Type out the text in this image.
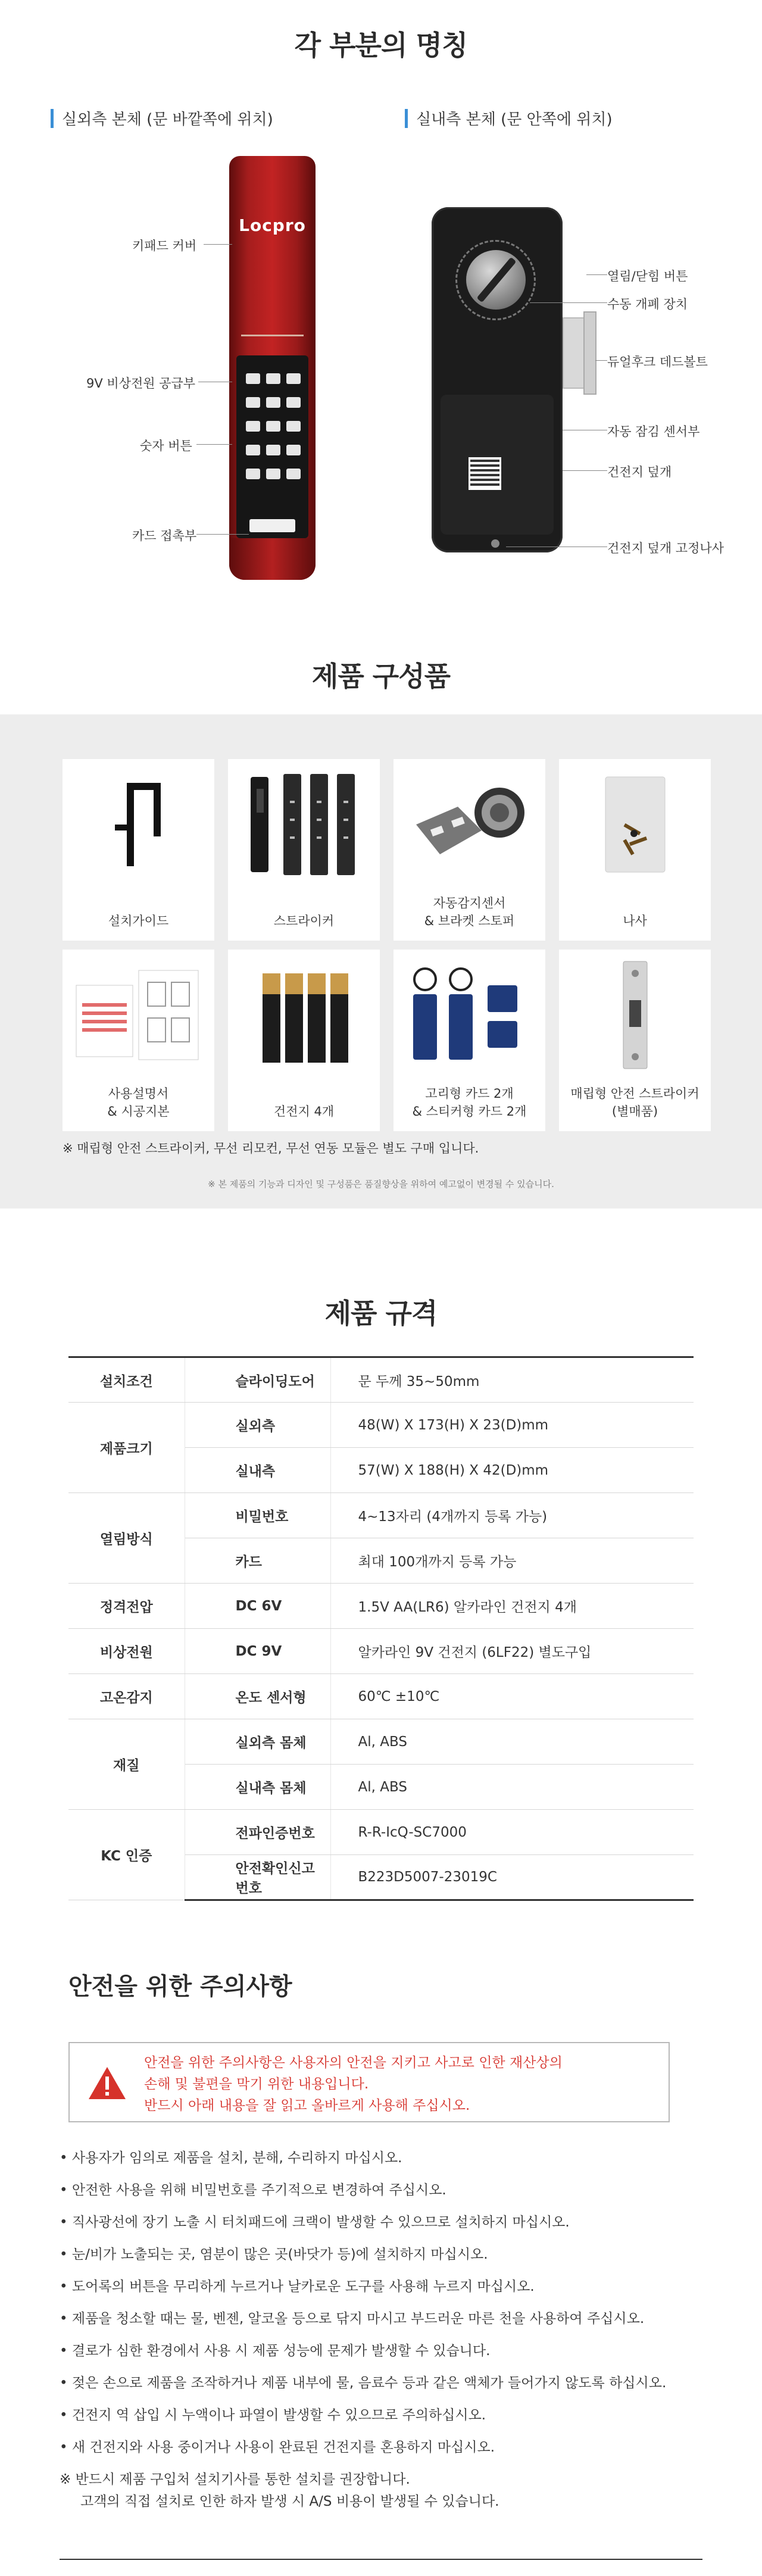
각 부분의 명칭
실외측 본체 (문 바깥쪽에 위치)	실내측 본체 (문 안쪽에 위치)
Locpro
키패드 커버
9V 비상전원 공급부
숫자 버튼
카드 접촉부
열림/닫힘 버튼
수동 개폐 장치
듀얼후크 데드볼트
자동 잠김 센서부
건전지 덮개
건전지 덮개 고정나사
제품 구성품
설치가이드	스트라이커
자동감지센서
& 브라켓 스토퍼	나사
사용설명서
& 시공지본	건전지 4개
고리형 카드 2개
& 스티커형 카드 2개
매립형 안전 스트라이커
(별매품)
※ 매립형 안전 스트라이커, 무선 리모컨, 무선 연동 모듈은 별도 구매 입니다.
※ 본 제품의 기능과 디자인 및 구성품은 품질향상을 위하여 예고없이 변경될 수 있습니다.
제품 규격
설치조건	슬라이딩도어	문 두께 35~50mm
제품크기	실외측	48(W) X 173(H) X 23(D)mm
	실내측	57(W) X 188(H) X 42(D)mm
열림방식	비밀번호	4~13자리 (4개까지 등록 가능)
	카드	최대 100개까지 등록 가능
정격전압	DC 6V	1.5V AA(LR6) 알카라인 건전지 4개
비상전원	DC 9V	알카라인 9V 건전지 (6LF22) 별도구입
고온감지	온도 센서형	60℃ ±10℃
재질	실외측 몸체	Al, ABS
	실내측 몸체	Al, ABS
KC 인증	전파인증번호	R-R-IcQ-SC7000
	안전확인신고번호	B223D5007-23019C
안전을 위한 주의사항
안전을 위한 주의사항은 사용자의 안전을 지키고 사고로 인한 재산상의
손해 및 불편을 막기 위한 내용입니다.
반드시 아래 내용을 잘 읽고 올바르게 사용해 주십시오.
• 사용자가 임의로 제품을 설치, 분해, 수리하지 마십시오.
• 안전한 사용을 위해 비밀번호를 주기적으로 변경하여 주십시오.
• 직사광선에 장기 노출 시 터치패드에 크랙이 발생할 수 있으므로 설치하지 마십시오.
• 눈/비가 노출되는 곳, 염분이 많은 곳(바닷가 등)에 설치하지 마십시오.
• 도어록의 버튼을 무리하게 누르거나 날카로운 도구를 사용해 누르지 마십시오.
• 제품을 청소할 때는 물, 벤젠, 알코올 등으로 닦지 마시고 부드러운 마른 천을 사용하여 주십시오.
• 결로가 심한 환경에서 사용 시 제품 성능에 문제가 발생할 수 있습니다.
• 젖은 손으로 제품을 조작하거나 제품 내부에 물, 음료수 등과 같은 액체가 들어가지 않도록 하십시오.
• 건전지 역 삽입 시 누액이나 파열이 발생할 수 있으므로 주의하십시오.
• 새 건전지와 사용 중이거나 사용이 완료된 건전지를 혼용하지 마십시오.
※ 반드시 제품 구입처 설치기사를 통한 설치를 권장합니다.
고객의 직접 설치로 인한 하자 발생 시 A/S 비용이 발생될 수 있습니다.
